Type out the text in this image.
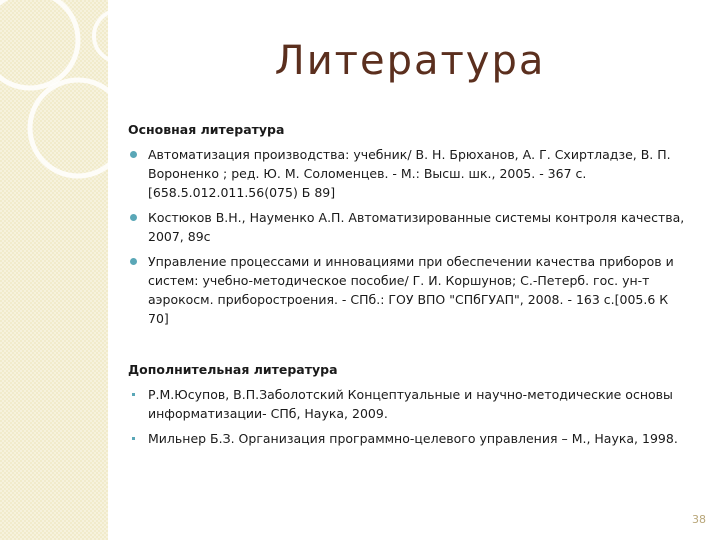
Литература
Основная литература
Автоматизация производства: учебник/ В. Н. Брюханов, А. Г. Схиртладзе, В. П. Вороненко ; ред. Ю. М. Соломенцев. - М.: Высш. шк., 2005. - 367 с.[658.5.012.011.56(075) Б 89]
Костюков В.Н., Науменко А.П. Автоматизированные системы контроля качества, 2007, 89с
Управление процессами и инновациями при обеспечении качества приборов и систем: учебно-методическое пособие/ Г. И. Коршунов; С.-Петерб. гос. ун-т аэрокосм. приборостроения. - СПб.: ГОУ ВПО "СПбГУАП", 2008. - 163 с.[005.6 К 70]
Дополнительная литература
Р.М.Юсупов, В.П.Заболотский Концептуальные и научно-методические основы информатизации- СПб, Наука, 2009.
Мильнер Б.З. Организация программно-целевого управления – М., Наука, 1998.
38
